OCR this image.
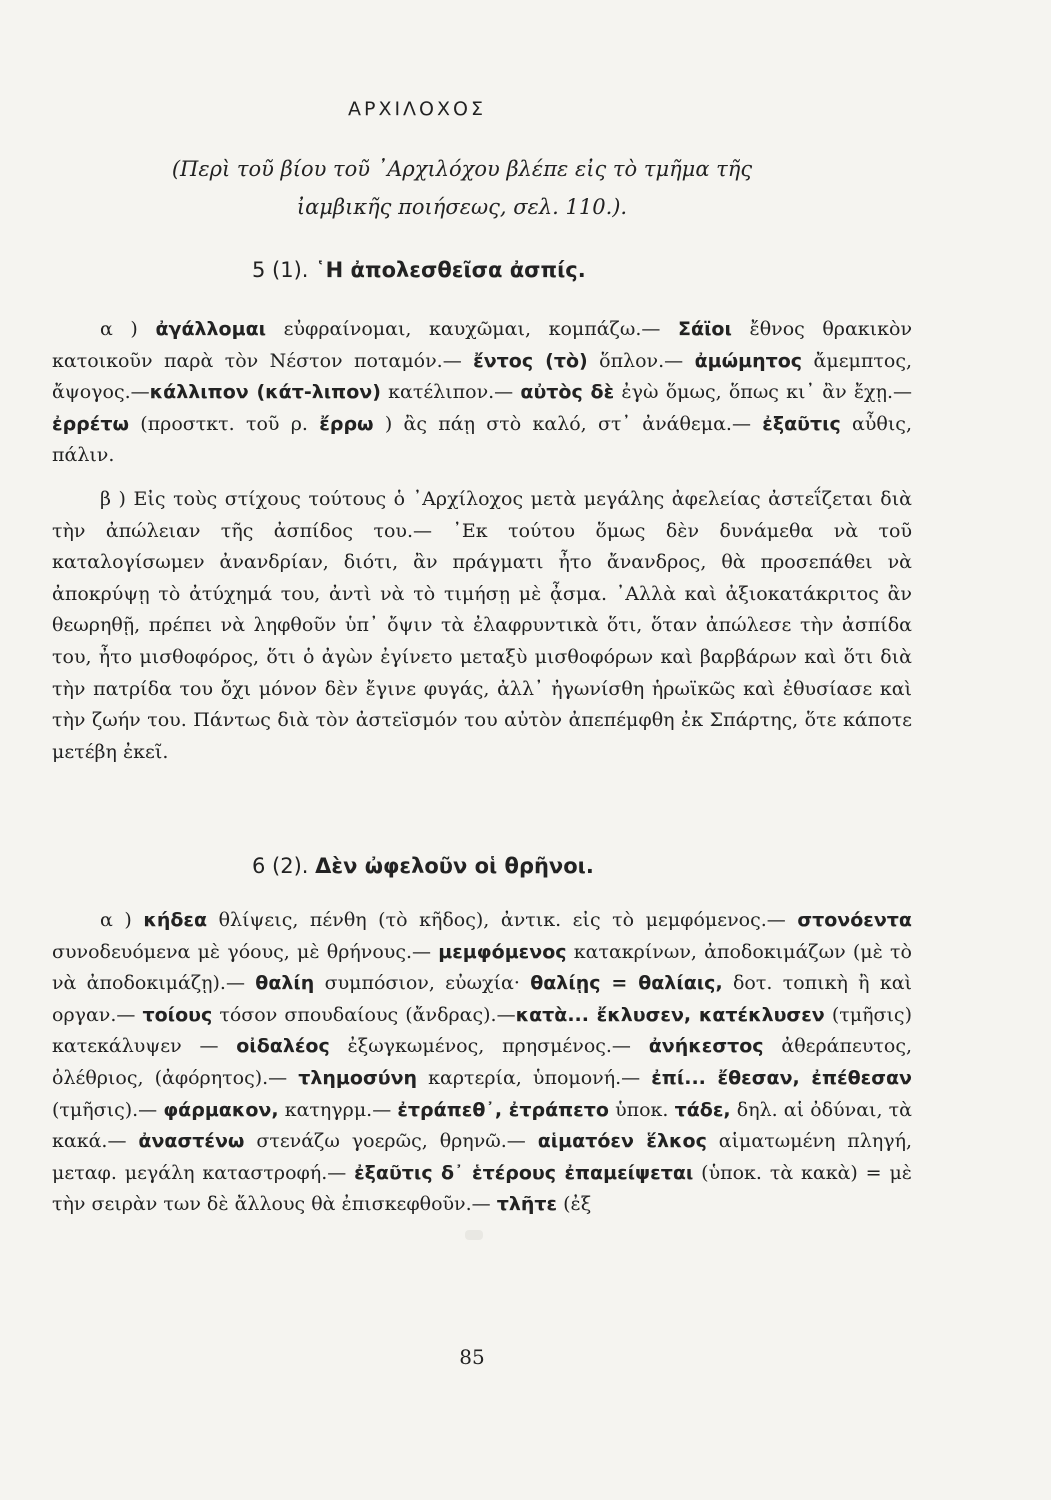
ΑΡΧΙΛΟΧΟΣ
(Περὶ τοῦ βίου τοῦ ᾿Αρχιλόχου βλέπε εἰς τὸ τμῆμα τῆς ἰαμβικῆς ποιήσεως, σελ. 110.).
5 (1). ῾Η ἀπολεσθεῖσα ἀσπίς.
α ) ἀγάλλομαι εὐφραίνομαι, καυχῶμαι, κομπάζω.— Σάϊοι ἔθνος θρακικὸν κατοικοῦν παρὰ τὸν Νέστον ποταμόν.— ἔντος (τὸ) ὅπλον.— ἀμώμητος ἄμεμπτος, ἄψογος.—κάλλιπον (κάτ-λιπον) κατέλιπον.— αὐτὸς δὲ ἐγὼ ὅμως, ὅπως κι᾿ ἂν ἔχῃ.—ἐρρέτω (προστκτ. τοῦ ρ. ἔρρω ) ἂς πάῃ στὸ καλό, στ᾿ ἀνάθεμα.— ἐξαῦτις αὖθις, πάλιν.
β ) Εἰς τοὺς στίχους τούτους ὁ ᾿Αρχίλοχος μετὰ μεγάλης ἀφελείας ἀστεΐζεται διὰ τὴν ἀπώλειαν τῆς ἀσπίδος του.— ᾿Εκ τούτου ὅμως δὲν δυνάμεθα νὰ τοῦ καταλογίσωμεν ἀνανδρίαν, διότι, ἂν πράγματι ἦτο ἄνανδρος, θὰ προσεπάθει νὰ ἀποκρύψῃ τὸ ἀτύχημά του, ἀντὶ νὰ τὸ τιμήσῃ μὲ ᾆσμα. ᾿Αλλὰ καὶ ἀξιοκατάκριτος ἂν θεωρηθῇ, πρέπει νὰ ληφθοῦν ὑπ᾿ ὄψιν τὰ ἐλαφρυντικὰ ὅτι, ὅταν ἀπώλεσε τὴν ἀσπίδα του, ἦτο μισθοφόρος, ὅτι ὁ ἀγὼν ἐγίνετο μεταξὺ μισθοφόρων καὶ βαρβάρων καὶ ὅτι διὰ τὴν πατρίδα του ὄχι μόνον δὲν ἔγινε φυγάς, ἀλλ᾿ ἠγωνίσθη ἡρωϊκῶς καὶ ἐθυσίασε καὶ τὴν ζωήν του. Πάντως διὰ τὸν ἀστεϊσμόν του αὐτὸν ἀπεπέμφθη ἐκ Σπάρτης, ὅτε κάποτε μετέβη ἐκεῖ.
6 (2). Δὲν ὠφελοῦν οἱ θρῆνοι.
α ) κήδεα θλίψεις, πένθη (τὸ κῆδος), ἀντικ. εἰς τὸ μεμφόμενος.— στονόεντα συνοδευόμενα μὲ γόους, μὲ θρήνους.— μεμφόμενος κατακρίνων, ἀποδοκιμάζων (μὲ τὸ νὰ ἀποδοκιμάζῃ).— θαλίη συμπόσιον, εὐωχία· θαλίῃς = θαλίαις, δοτ. τοπικὴ ἢ καὶ οργαν.— τοίους τόσον σπουδαίους (ἄνδρας).—κατὰ... ἔκλυσεν, κατέκλυσεν (τμῆσις) κατεκάλυψεν — οἰδαλέος ἐξωγκωμένος, πρησμένος.— ἀνήκεστος ἀθεράπευτος, ὀλέθριος, (ἀφόρητος).— τλημοσύνη καρτερία, ὑπομονή.— ἐπί... ἔθεσαν, ἐπέθεσαν (τμῆσις).— φάρμακον, κατηγρμ.— ἐτράπεθ᾿, ἐτράπετο ὑποκ. τάδε, δηλ. αἱ ὀδύναι, τὰ κακά.— ἀναστένω στενάζω γοερῶς, θρηνῶ.— αἱματόεν ἕλκος αἱματωμένη πληγή, μεταφ. μεγάλη καταστροφή.— ἐξαῦτις δ᾿ ἑτέρους ἐπαμείψεται (ὑποκ. τὰ κακὰ) = μὲ τὴν σειρὰν των δὲ ἄλλους θὰ ἐπισκεφθοῦν.— τλῆτε (ἐξ
85
